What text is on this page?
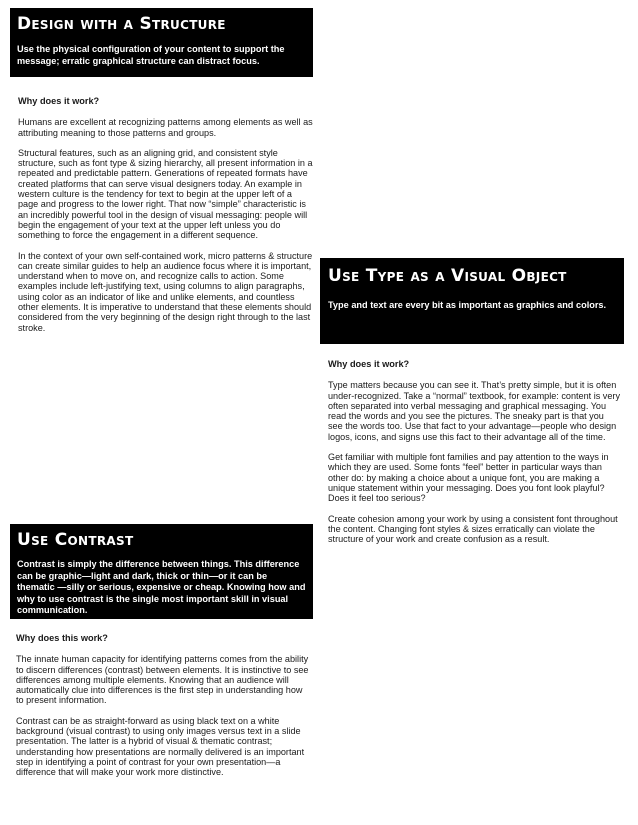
Design with a Structure
Use the physical configuration of your content to support the message; erratic graphical structure can distract focus.
Why does it work?

Humans are excellent at recognizing patterns among elements as well as attributing meaning to those patterns and groups.

Structural features, such as an aligning grid, and consistent style structure, such as font type & sizing hierarchy, all present information in a repeated and predictable pattern. Generations of repeated formats have created platforms that can serve visual designers today. An example in western culture is the tendency for text to begin at the upper left of a page and progress to the lower right. That now “simple” characteristic is an incredibly powerful tool in the design of visual messaging: people will begin the engagement of your text at the upper left unless you do something to force the engagement in a different sequence.

In the context of your own self-contained work, micro patterns & structure can create similar guides to help an audience focus where it is important, understand when to move on, and recognize calls to action. Some examples include left-justifying text, using columns to align paragraphs, using color as an indicator of like and unlike elements, and countless other elements. It is imperative to understand that these elements should considered from the very beginning of the design right through to the last stroke.

Use Type as a Visual Object
Type and text are every bit as important as graphics and colors.
Why does it work?

Type matters because you can see it. That’s pretty simple, but it is often under-recognized. Take a “normal” textbook, for example: content is very often separated into verbal messaging and graphical messaging. You read the words and you see the pictures. The sneaky part is that you see the words too. Use that fact to your advantage—people who design logos, icons, and signs use this fact to their advantage all of the time.

Get familiar with multiple font families and pay attention to the ways in which they are used. Some fonts “feel” better in particular ways than other do: by making a choice about a unique font, you are making a unique statement within your messaging. Does you font look playful? Does it feel too serious?

Create cohesion among your work by using a consistent font throughout the content. Changing font styles & sizes erratically can violate the structure of your work and create confusion as a result.

Use Contrast
Contrast is simply the difference between things. This difference can be graphic—light and dark, thick or thin—or it can be thematic —silly or serious, expensive or cheap. Knowing how and why to use contrast is the single most important skill in visual communication.
Why does this work?

The innate human capacity for identifying patterns comes from the ability to discern differences (contrast) between elements. It is instinctive to see differences among multiple elements. Knowing that an audience will automatically clue into differences is the first step in understanding how to present information.

Contrast can be as straight-forward as using black text on a white background (visual contrast) to using only images versus text in a slide presentation. The latter is a hybrid of visual & thematic contrast; understanding how presentations are normally delivered is an important step in identifying a point of contrast for your own presentation—a difference that will make your work more distinctive.
